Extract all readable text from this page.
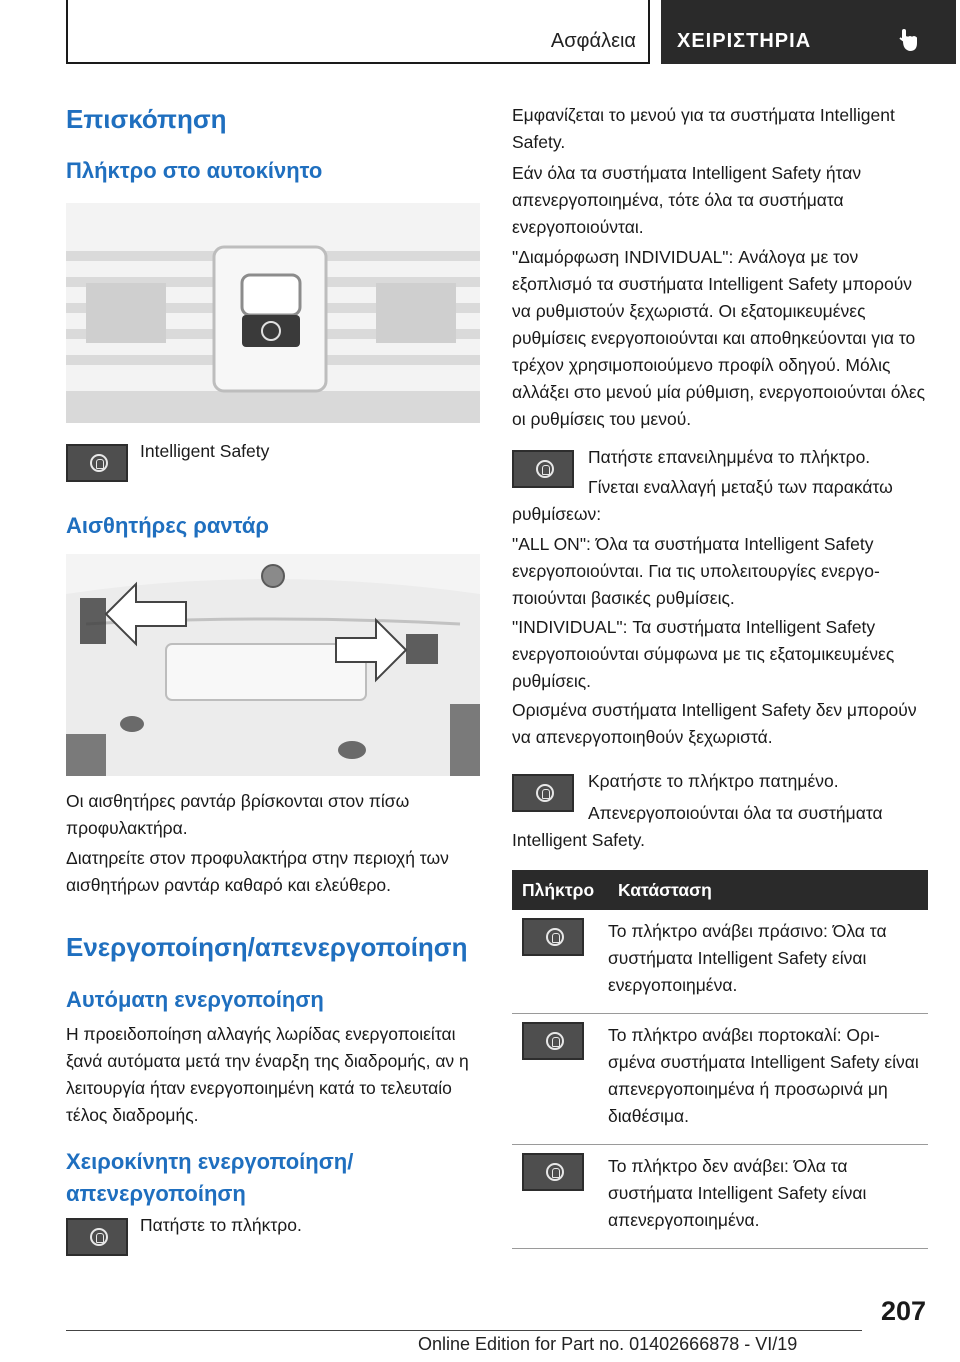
Ασφάλεια ΧΕΙΡΙΣΤΗΡΙΑ
Επισκόπηση
Πλήκτρο στο αυτοκίνητο

Intelligent Safety

Αισθητήρες ραντάρ

Οι αισθητήρες ραντάρ βρίσκονται στον πίσω προφυλακτήρα.

Διατηρείτε στον προφυλακτήρα στην περιοχή των αισθητήρων ραντάρ καθαρό και ελεύθερο.

Ενεργοποίηση/απενεργοποίηση
Αυτόματη ενεργοποίηση

Η προειδοποίηση αλλαγής λωρίδας ενεργοποιείται ξανά αυτόματα μετά την έναρξη της διαδρομής, αν η λειτουργία ήταν ενεργοποιημένη κατά το τελευταίο τέλος διαδρομής.

Χειροκίνητη ενεργοποίηση/απενεργοποίηση

Πατήστε το πλήκτρο.

Εμφανίζεται το μενού για τα συστήματα Intelligent Safety.

Εάν όλα τα συστήματα Intelligent Safety ήταν απενεργοποιημένα, τότε όλα τα συστήματα ενεργοποιούνται.

"Διαμόρφωση INDIVIDUAL": Ανάλογα με τον εξοπλισμό τα συστήματα Intelligent Safety μπορούν να ρυθμιστούν ξεχωριστά. Οι εξατομικευμένες ρυθμίσεις ενεργοποιούνται και αποθηκεύονται για το τρέχον χρησιμοποιούμενο προφίλ οδηγού. Μόλις αλλάξει στο μενού μία ρύθμιση, ενεργοποιούνται όλες οι ρυθμίσεις του μενού.

Πατήστε επανειλημμένα το πλήκτρο.

Γίνεται εναλλαγή μεταξύ των παρακάτω ρυθμίσεων:

"ALL ON": Όλα τα συστήματα Intelligent Safety ενεργοποιούνται. Για τις υπολειτουργίες ενεργοποιούνται βασικές ρυθμίσεις.

"INDIVIDUAL": Τα συστήματα Intelligent Safety ενεργοποιούνται σύμφωνα με τις εξατομικευμένες ρυθμίσεις.

Ορισμένα συστήματα Intelligent Safety δεν μπορούν να απενεργοποιηθούν ξεχωριστά.

Κρατήστε το πλήκτρο πατημένο.

Απενεργοποιούνται όλα τα συστήματα Intelligent Safety.

Πλήκτρο	Κατάσταση

	Το πλήκτρο ανάβει πράσινο: Όλα τα συστήματα Intelligent Safety είναι ενεργοποιημένα.

	Το πλήκτρο ανάβει πορτοκαλί: Ορισμένα συστήματα Intelligent Safety είναι απενεργοποιημένα ή προσωρινά μη διαθέσιμα.

	Το πλήκτρο δεν ανάβει: Όλα τα συστήματα Intelligent Safety είναι απενεργοποιημένα.
207
Online Edition for Part no. 01402666878 - VI/19
